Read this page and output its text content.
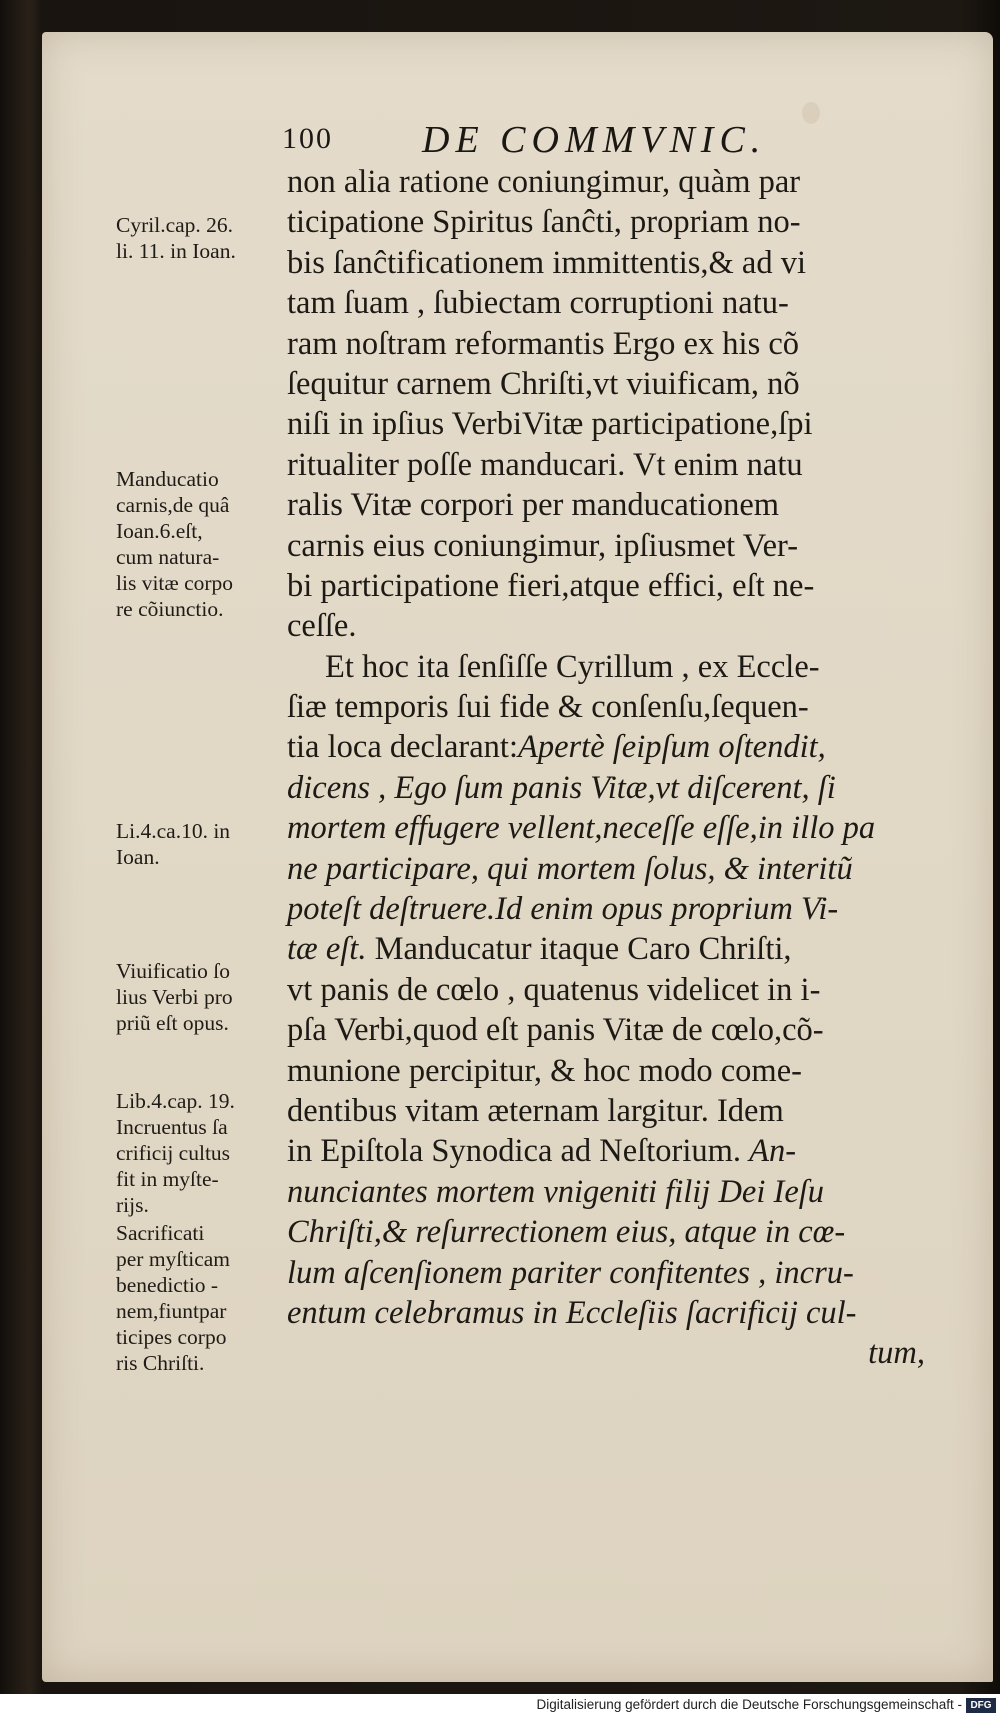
100 DE COMMVNIC.
non alia ratione coniungimur, quàm par
ticipatione Spiritus ſanĉti, propriam no-
bis ſanĉtificationem immittentis,& ad vi
tam ſuam , ſubiectam corruptioni natu-
ram noſtram reformantis Ergo ex his cõ
ſequitur carnem Chriſti,vt viuificam, nõ
niſi in ipſius VerbiVitæ participatione,ſpi
ritualiter poſſe manducari. Vt enim natu
ralis Vitæ corpori per manducationem
carnis eius coniungimur, ipſiusmet Ver-
bi participatione fieri,atque effici, eſt ne-
ceſſe.
Et hoc ita ſenſiſſe Cyrillum , ex Eccle-
ſiæ temporis ſui fide & conſenſu,ſequen-
tia loca declarant:Apertè ſeipſum oſtendit,
dicens , Ego ſum panis Vitæ,vt diſcerent, ſi
mortem effugere vellent,neceſſe eſſe,in illo pa
ne participare, qui mortem ſolus, & interitũ
poteſt deſtruere.Id enim opus proprium Vi-
tæ eſt. Manducatur itaque Caro Chriſti,
vt panis de cœlo , quatenus videlicet in i-
pſa Verbi,quod eſt panis Vitæ de cœlo,cõ-
munione percipitur, & hoc modo come-
dentibus vitam æternam largitur. Idem
in Epiſtola Synodica ad Neſtorium. An-
nunciantes mortem vnigeniti filij Dei Ieſu
Chriſti,& reſurrectionem eius, atque in cœ-
lum aſcenſionem pariter confitentes , incru-
entum celebramus in Eccleſiis ſacrificij cul-
tum,
Cyril.cap. 26.
li. 11. in Ioan.
Manducatio
carnis,de quâ
Ioan.6.eſt,
cum natura-
lis vitæ corpo
re cõiunctio.
Li.4.ca.10. in
Ioan.
Viuificatio ſo
lius Verbi pro
priũ eſt opus.
Lib.4.cap. 19.
Incruentus ſa
crificij cultus
fit in myſte-
rijs.
Sacrificati
per myſticam
benedictio -
nem,fiuntpar
ticipes corpo
ris Chriſti.
Digitalisierung gefördert durch die Deutsche Forschungsgemeinschaft - DFG
